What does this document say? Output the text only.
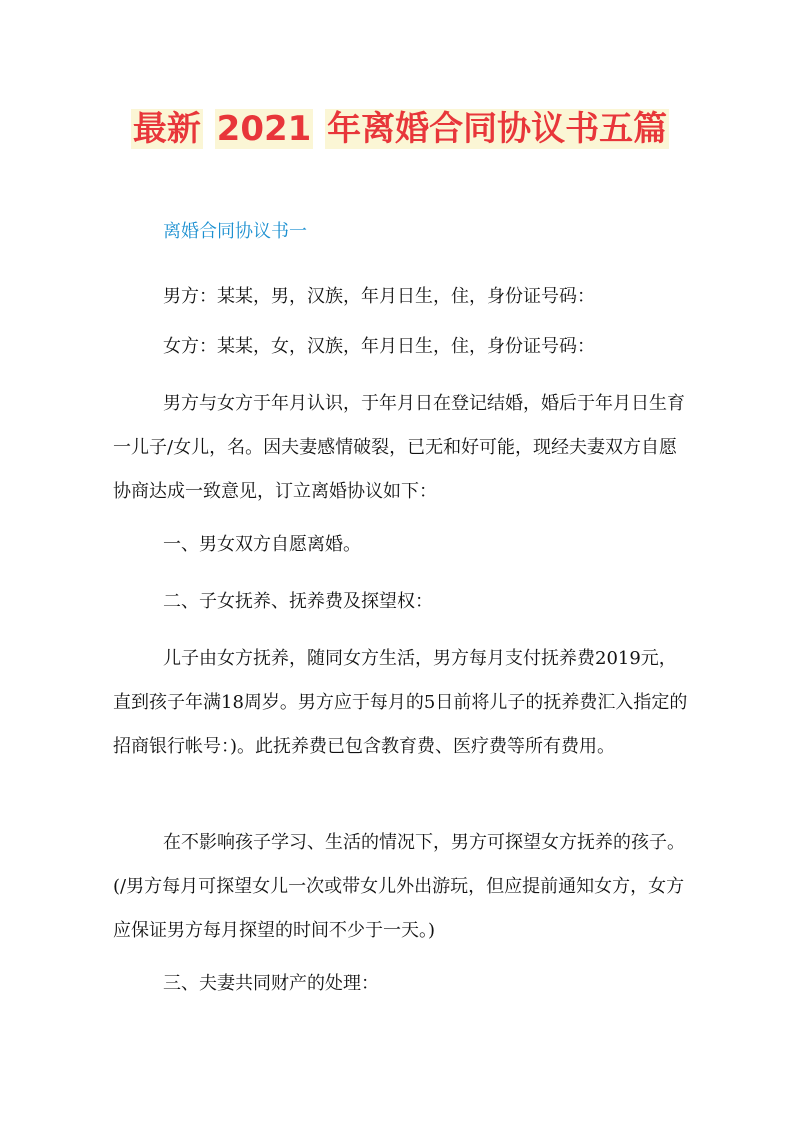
最新 2021 年离婚合同协议书五篇
离婚合同协议书一
男方：某某，男，汉族，年月日生，住，身份证号码：
女方：某某，女，汉族，年月日生，住，身份证号码：
男方与女方于年月认识，于年月日在登记结婚，婚后于年月日生育一儿子/女儿，名。因夫妻感情破裂，已无和好可能，现经夫妻双方自愿协商达成一致意见，订立离婚协议如下：
一、男女双方自愿离婚。
二、子女抚养、抚养费及探望权：
儿子由女方抚养，随同女方生活，男方每月支付抚养费2019元，直到孩子年满18周岁。男方应于每月的5日前将儿子的抚养费汇入指定的招商银行帐号：)。此抚养费已包含教育费、医疗费等所有费用。
在不影响孩子学习、生活的情况下，男方可探望女方抚养的孩子。(/男方每月可探望女儿一次或带女儿外出游玩，但应提前通知女方，女方应保证男方每月探望的时间不少于一天。)
三、夫妻共同财产的处理：
